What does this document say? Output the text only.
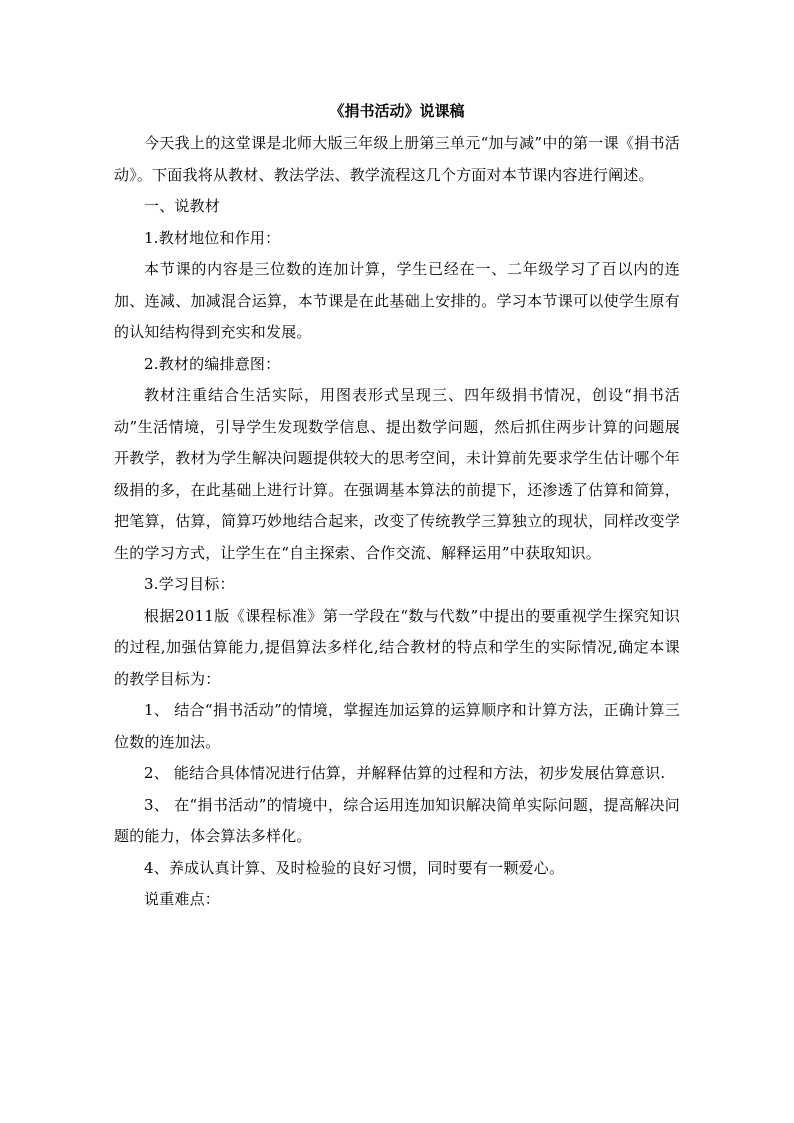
《捐书活动》说课稿

今天我上的这堂课是北师大版三年级上册第三单元“加与减”中的第一课《捐书活动》。下面我将从教材、教法学法、教学流程这几个方面对本节课内容进行阐述。

一、说教材

1.教材地位和作用：

本节课的内容是三位数的连加计算，学生已经在一、二年级学习了百以内的连加、连减、加减混合运算，本节课是在此基础上安排的。学习本节课可以使学生原有的认知结构得到充实和发展。

2.教材的编排意图：

教材注重结合生活实际，用图表形式呈现三、四年级捐书情况，创设“捐书活动”生活情境，引导学生发现数学信息、提出数学问题，然后抓住两步计算的问题展开教学，教材为学生解决问题提供较大的思考空间，未计算前先要求学生估计哪个年级捐的多，在此基础上进行计算。在强调基本算法的前提下，还渗透了估算和简算，把笔算，估算，简算巧妙地结合起来，改变了传统教学三算独立的现状，同样改变学生的学习方式，让学生在“自主探索、合作交流、解释运用”中获取知识。

3.学习目标：

根据2011版《课程标准》第一学段在“数与代数”中提出的要重视学生探究知识的过程,加强估算能力,提倡算法多样化,结合教材的特点和学生的实际情况,确定本课的教学目标为：

1、 结合“捐书活动”的情境，掌握连加运算的运算顺序和计算方法，正确计算三位数的连加法。

2、 能结合具体情况进行估算，并解释估算的过程和方法，初步发展估算意识.

3、 在“捐书活动”的情境中，综合运用连加知识解决简单实际问题，提高解决问题的能力，体会算法多样化。

4、养成认真计算、及时检验的良好习惯，同时要有一颗爱心。

说重难点：
